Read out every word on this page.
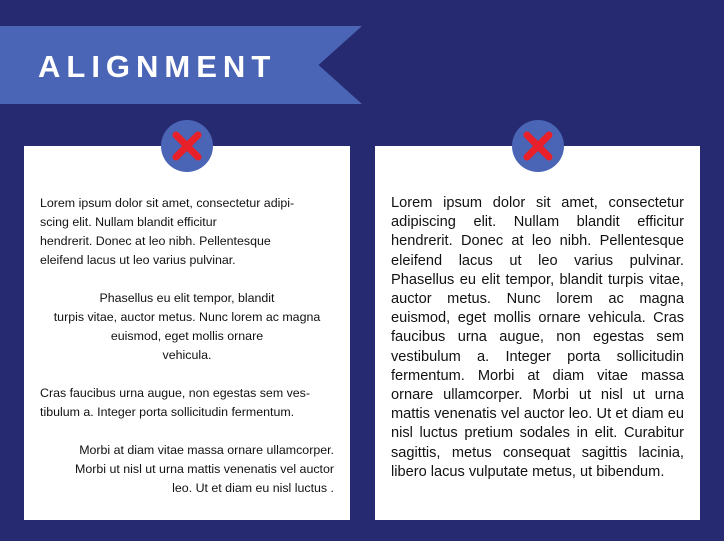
ALIGNMENT

Lorem ipsum dolor sit amet, consectetur adipi-
scing elit. Nullam blandit efficitur
hendrerit. Donec at leo nibh. Pellentesque
eleifend lacus ut leo varius pulvinar.

Phasellus eu elit tempor, blandit
turpis vitae, auctor metus. Nunc lorem ac magna
euismod, eget mollis ornare
vehicula.

Cras faucibus urna augue, non egestas sem ves-
tibulum a. Integer porta sollicitudin fermentum.

Morbi at diam vitae massa ornare ullamcorper.
Morbi ut nisl ut urna mattis venenatis vel auctor
leo. Ut et diam eu nisl luctus .

Lorem ipsum dolor sit amet, consectetur adipiscing elit. Nullam blandit efficitur hendrerit. Donec at leo nibh. Pellentesque eleifend lacus ut leo varius pulvinar. Phasellus eu elit tempor, blandit turpis vitae, auctor metus. Nunc lorem ac magna euismod, eget mollis ornare vehicula. Cras faucibus urna augue, non egestas sem vestibulum a. Integer porta sollicitudin fermentum. Morbi at diam vitae massa ornare ullamcorper. Morbi ut nisl ut urna mattis venenatis vel auctor leo. Ut et diam eu nisl luctus pretium sodales in elit. Curabitur sagittis, metus consequat sagittis lacinia, libero lacus vulputate metus, ut bibendum.
